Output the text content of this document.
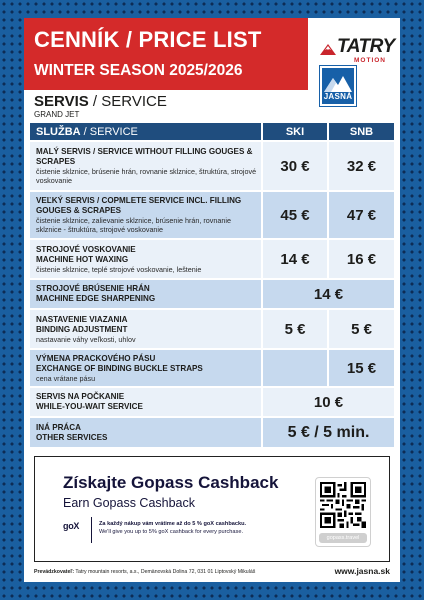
CENNÍK / PRICE LIST
WINTER SEASON 2025/2026
TATRY
MOTION
JASNÁ
SERVIS / SERVICE
GRAND JET
SLUŽBA / SERVICE	SKI	SNB

MALÝ SERVIS / SERVICE WITHOUT FILLING GOUGES & SCRAPES
čistenie sklznice, brúsenie hrán, rovnanie sklznice, štruktúra, strojové voskovanie	30 €	32 €

VEĽKÝ SERVIS / COPMLETE SERVICE INCL. FILLING GOUGES & SCRAPES
čistenie sklznice, zalievanie sklznice, brúsenie hrán, rovnanie sklznice - štruktúra, strojové voskovanie	45 €	47 €

STROJOVÉ VOSKOVANIE
MACHINE HOT WAXING
čistenie sklznice, teplé strojové voskovanie, leštenie	14 €	16 €

STROJOVÉ BRÚSENIE HRÁN
MACHINE EDGE SHARPENING	14 €	

NASTAVENIE VIAZANIA
BINDING ADJUSTMENT
nastavanie váhy veľkosti, uhlov	5 €	5 €

VÝMENA PRACKOVÉHO PÁSU
EXCHANGE OF BINDING BUCKLE STRAPS
cena vrátane pásu		15 €

SERVIS NA POČKANIE
WHILE-YOU-WAIT SERVICE	10 €	

INÁ PRÁCA
OTHER SERVICES	5 € / 5 min.	
Získajte Gopass Cashback
Earn Gopass Cashback
goX	Za každý nákup vám vrátime až do 5 % goX cashbacku.
We'll give you up to 5% goX cashback for every purchase.
gopass.travel
Prevádzkovateľ: Tatry mountain resorts, a.s., Demänovská Dolina 72, 031 01 Liptovský Mikuláš	www.jasna.sk
